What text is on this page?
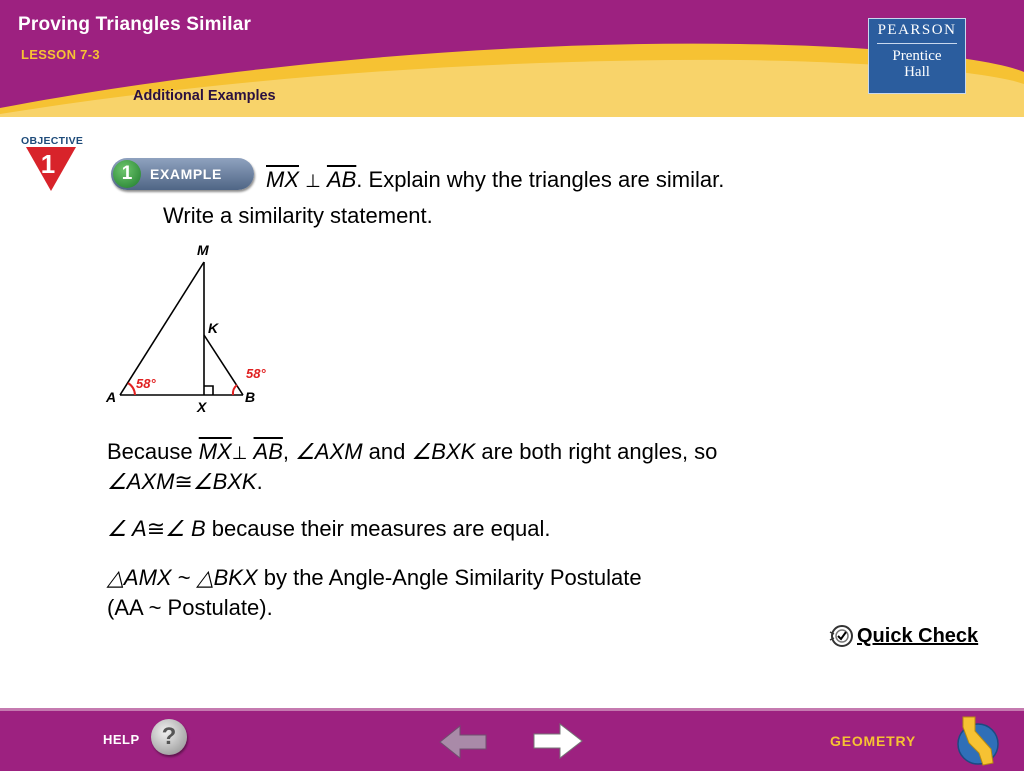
Proving Triangles Similar
LESSON 7-3
Additional Examples
PEARSON
Prentice
Hall
OBJECTIVE
1	1	EXAMPLE $\overline{MX}$ ⊥ $\overline{AB}$. Explain why the triangles are similar.
Write a similarity statement.
M
K
A
X
B
58°
58°
Because $\overline{MX}\perp$ $\overline{AB}$, ∠AXM and ∠BXK are both right angles, so
∠AXM≅∠BXK.
∠ A≅∠ B because their measures are equal.
△AMX ~ △BKX by the Angle-Angle Similarity Postulate
(AA ~ Postulate).
Quick Check
HELP ?	GEOMETRY
